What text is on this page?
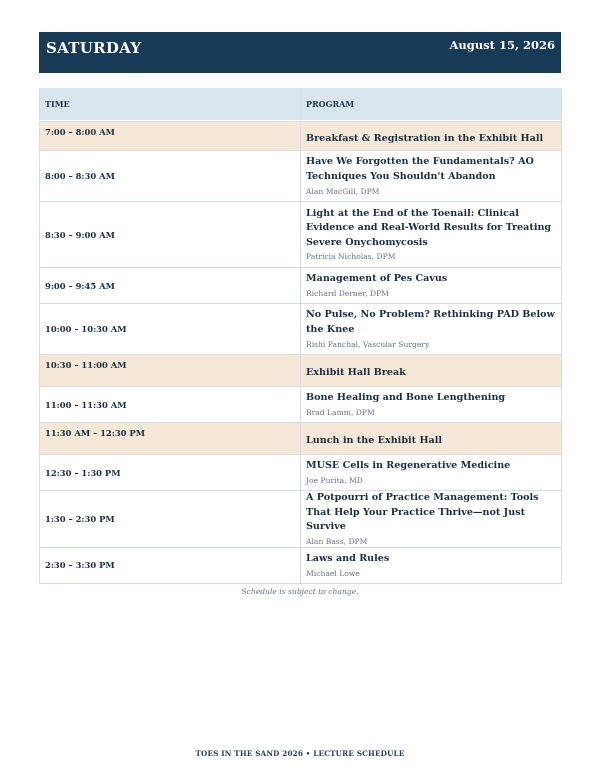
SATURDAY	August 15, 2026
TIME	PROGRAM

7:00 – 8:00 AM	Breakfast & Registration in the Exhibit Hall

8:00 – 8:30 AM	Have We Forgotten the Fundamentals? AO Techniques You Shouldn't Abandon
Alan MacGill, DPM

8:30 – 9:00 AM	Light at the End of the Toenail: Clinical Evidence and Real-World Results for Treating Severe Onychomycosis
Patricia Nicholas, DPM

9:00 – 9:45 AM	Management of Pes Cavus
Richard Derner, DPM

10:00 – 10:30 AM	No Pulse, No Problem? Rethinking PAD Below the Knee
Rishi Panchal, Vascular Surgery

10:30 – 11:00 AM	Exhibit Hall Break

11:00 – 11:30 AM	Bone Healing and Bone Lengthening
Brad Lamm, DPM

11:30 AM – 12:30 PM	Lunch in the Exhibit Hall

12:30 – 1:30 PM	MUSE Cells in Regenerative Medicine
Joe Purita, MD

1:30 – 2:30 PM	A Potpourri of Practice Management: Tools That Help Your Practice Thrive—not Just Survive
Alan Bass, DPM

2:30 – 3:30 PM	Laws and Rules
Michael Lowe
Schedule is subject to change.
TOES IN THE SAND 2026 • LECTURE SCHEDULE
